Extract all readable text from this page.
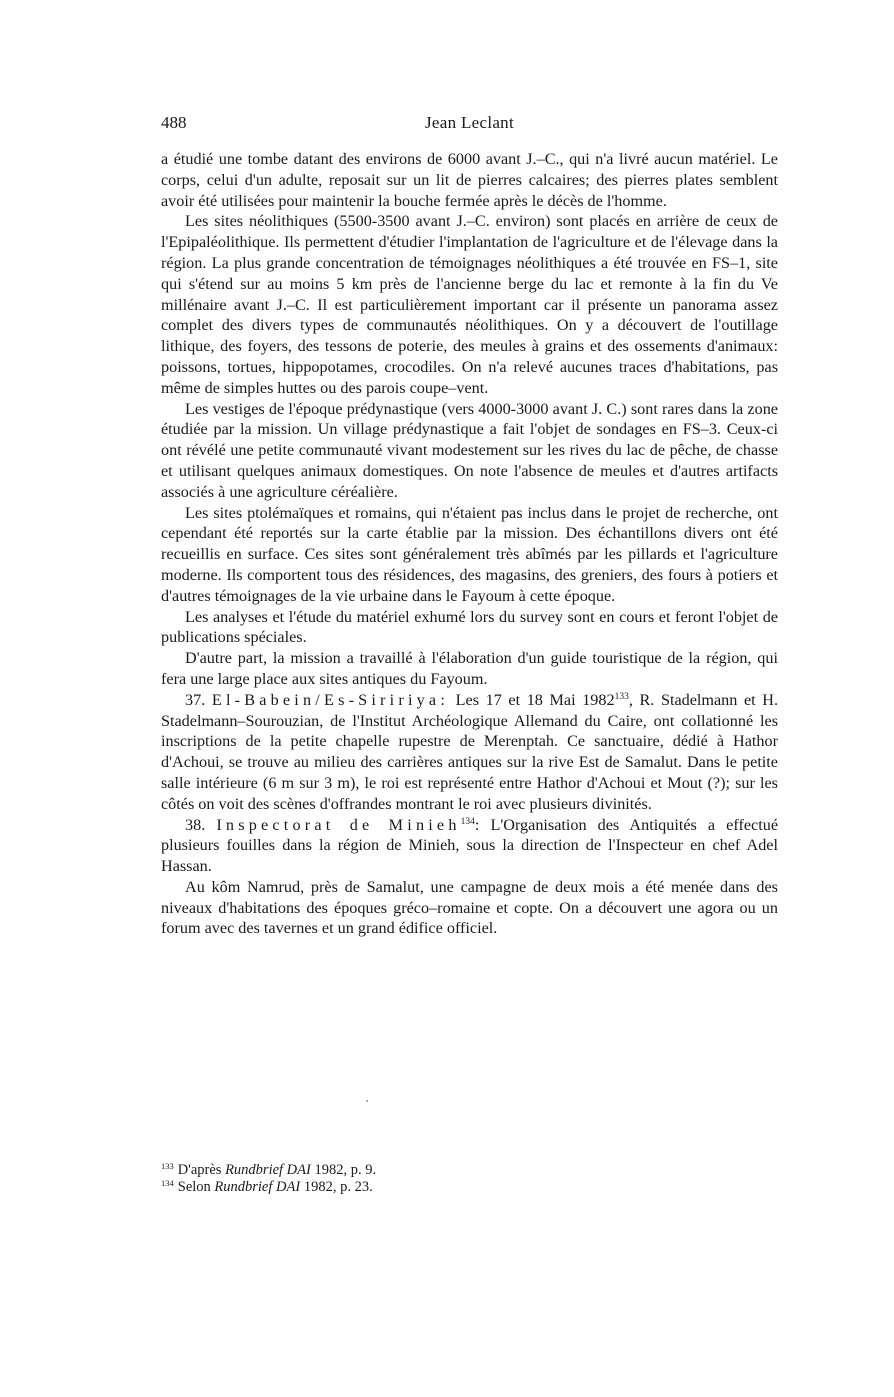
488	Jean Leclant

a étudié une tombe datant des environs de 6000 avant J.–C., qui n'a livré aucun matériel. Le corps, celui d'un adulte, reposait sur un lit de pierres calcaires; des pierres plates semblent avoir été utilisées pour maintenir la bouche fermée après le décès de l'homme.

Les sites néolithiques (5500-3500 avant J.–C. environ) sont placés en arrière de ceux de l'Epipaléolithique. Ils permettent d'étudier l'implantation de l'agriculture et de l'élevage dans la région. La plus grande concentration de témoignages néolithiques a été trouvée en FS–1, site qui s'étend sur au moins 5 km près de l'ancienne berge du lac et remonte à la fin du Ve millénaire avant J.–C. Il est particulièrement important car il présente un panorama assez complet des divers types de communautés néolithiques. On y a découvert de l'outillage lithique, des foyers, des tessons de poterie, des meules à grains et des ossements d'animaux: poissons, tortues, hippopotames, crocodiles. On n'a relevé aucunes traces d'habitations, pas même de simples huttes ou des parois coupe–vent.

Les vestiges de l'époque prédynastique (vers 4000-3000 avant J. C.) sont rares dans la zone étudiée par la mission. Un village prédynastique a fait l'objet de sondages en FS–3. Ceux-ci ont révélé une petite communauté vivant modestement sur les rives du lac de pêche, de chasse et utilisant quelques animaux domestiques. On note l'absence de meules et d'autres artifacts associés à une agriculture céréalière.

Les sites ptolémaïques et romains, qui n'étaient pas inclus dans le projet de recherche, ont cependant été reportés sur la carte établie par la mission. Des échantillons divers ont été recueillis en surface. Ces sites sont généralement très abîmés par les pillards et l'agriculture moderne. Ils comportent tous des résidences, des magasins, des greniers, des fours à potiers et d'autres témoignages de la vie urbaine dans le Fayoum à cette époque.

Les analyses et l'étude du matériel exhumé lors du survey sont en cours et feront l'objet de publications spéciales.

D'autre part, la mission a travaillé à l'élaboration d'un guide touristique de la région, qui fera une large place aux sites antiques du Fayoum.

37. El-Babein/Es-Siririya: Les 17 et 18 Mai 1982$^{133}$, R. Stadelmann et H. Stadelmann–Sourouzian, de l'Institut Archéologique Allemand du Caire, ont collationné les inscriptions de la petite chapelle rupestre de Merenptah. Ce sanctuaire, dédié à Hathor d'Achoui, se trouve au milieu des carrières antiques sur la rive Est de Samalut. Dans le petite salle intérieure (6 m sur 3 m), le roi est représenté entre Hathor d'Achoui et Mout (?); sur les côtés on voit des scènes d'offrandes montrant le roi avec plusieurs divinités.

38. Inspectorat de Minieh$^{134}$: L'Organisation des Antiquités a effectué plusieurs fouilles dans la région de Minieh, sous la direction de l'Inspecteur en chef Adel Hassan.

Au kôm Namrud, près de Samalut, une campagne de deux mois a été menée dans des niveaux d'habitations des époques gréco–romaine et copte. On a découvert une agora ou un forum avec des tavernes et un grand édifice officiel.

$^{133}$ D'après Rundbrief DAI 1982, p. 9.
$^{134}$ Selon Rundbrief DAI 1982, p. 23.
